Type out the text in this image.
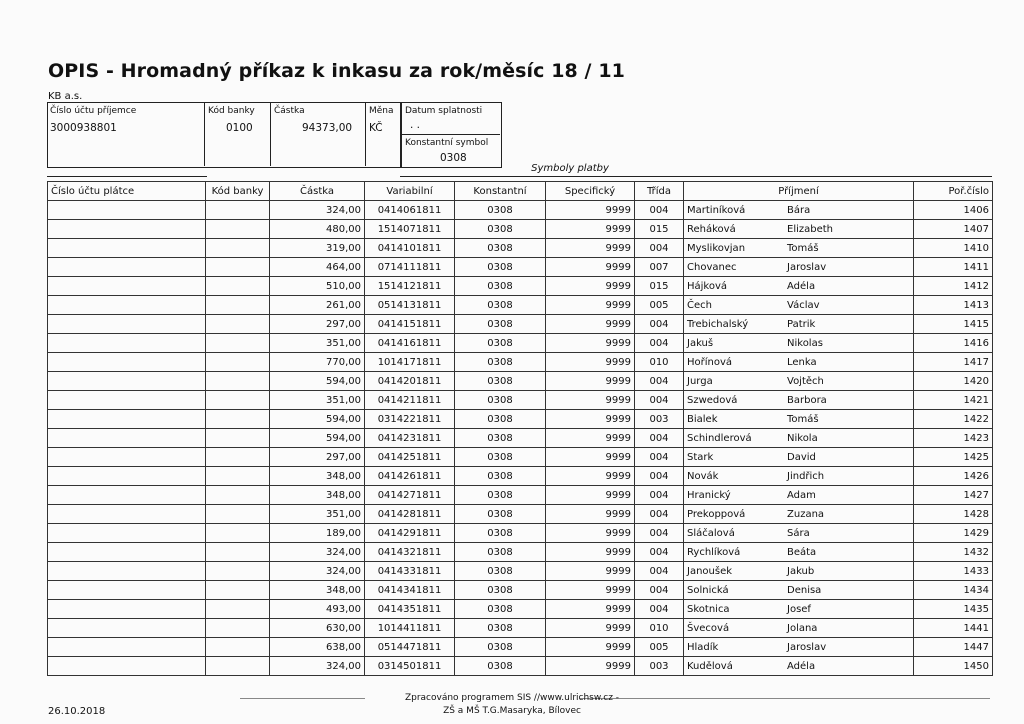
OPIS - Hromadný příkaz k inkasu za rok/měsíc 18 / 11
KB a.s.
Číslo účtu příjemce
3000938801
Kód banky
0100
Částka
94373,00
Měna
KČ
Datum splatnosti
. .
Konstantní symbol
0308
Symboly platby
Číslo účtu plátce	Kód banky	Částka	Variabilní	Konstantní	Specifický	Třída	Příjmení	Poř.číslo
		324,00	0414061811	0308	9999	004	Martiníková Bára	1406
		480,00	1514071811	0308	9999	015	Reháková Elizabeth	1407
		319,00	0414101811	0308	9999	004	Myslikovjan Tomáš	1410
		464,00	0714111811	0308	9999	007	Chovanec Jaroslav	1411
		510,00	1514121811	0308	9999	015	Hájková Adéla	1412
		261,00	0514131811	0308	9999	005	Čech Václav	1413
		297,00	0414151811	0308	9999	004	Trebichalský Patrik	1415
		351,00	0414161811	0308	9999	004	Jakuš Nikolas	1416
		770,00	1014171811	0308	9999	010	Hořínová Lenka	1417
		594,00	0414201811	0308	9999	004	Jurga Vojtěch	1420
		351,00	0414211811	0308	9999	004	Szwedová Barbora	1421
		594,00	0314221811	0308	9999	003	Bialek Tomáš	1422
		594,00	0414231811	0308	9999	004	Schindlerová Nikola	1423
		297,00	0414251811	0308	9999	004	Stark David	1425
		348,00	0414261811	0308	9999	004	Novák Jindřich	1426
		348,00	0414271811	0308	9999	004	Hranický Adam	1427
		351,00	0414281811	0308	9999	004	Prekoppová Zuzana	1428
		189,00	0414291811	0308	9999	004	Sláčalová Sára	1429
		324,00	0414321811	0308	9999	004	Rychlíková Beáta	1432
		324,00	0414331811	0308	9999	004	Janoušek Jakub	1433
		348,00	0414341811	0308	9999	004	Solnická Denisa	1434
		493,00	0414351811	0308	9999	004	Skotnica Josef	1435
		630,00	1014411811	0308	9999	010	Švecová Jolana	1441
		638,00	0514471811	0308	9999	005	Hladík Jaroslav	1447
		324,00	0314501811	0308	9999	003	Kudělová Adéla	1450
Zpracováno programem SIS //www.ulrichsw.cz -
ZŠ a MŠ T.G.Masaryka, Bílovec
26.10.2018
